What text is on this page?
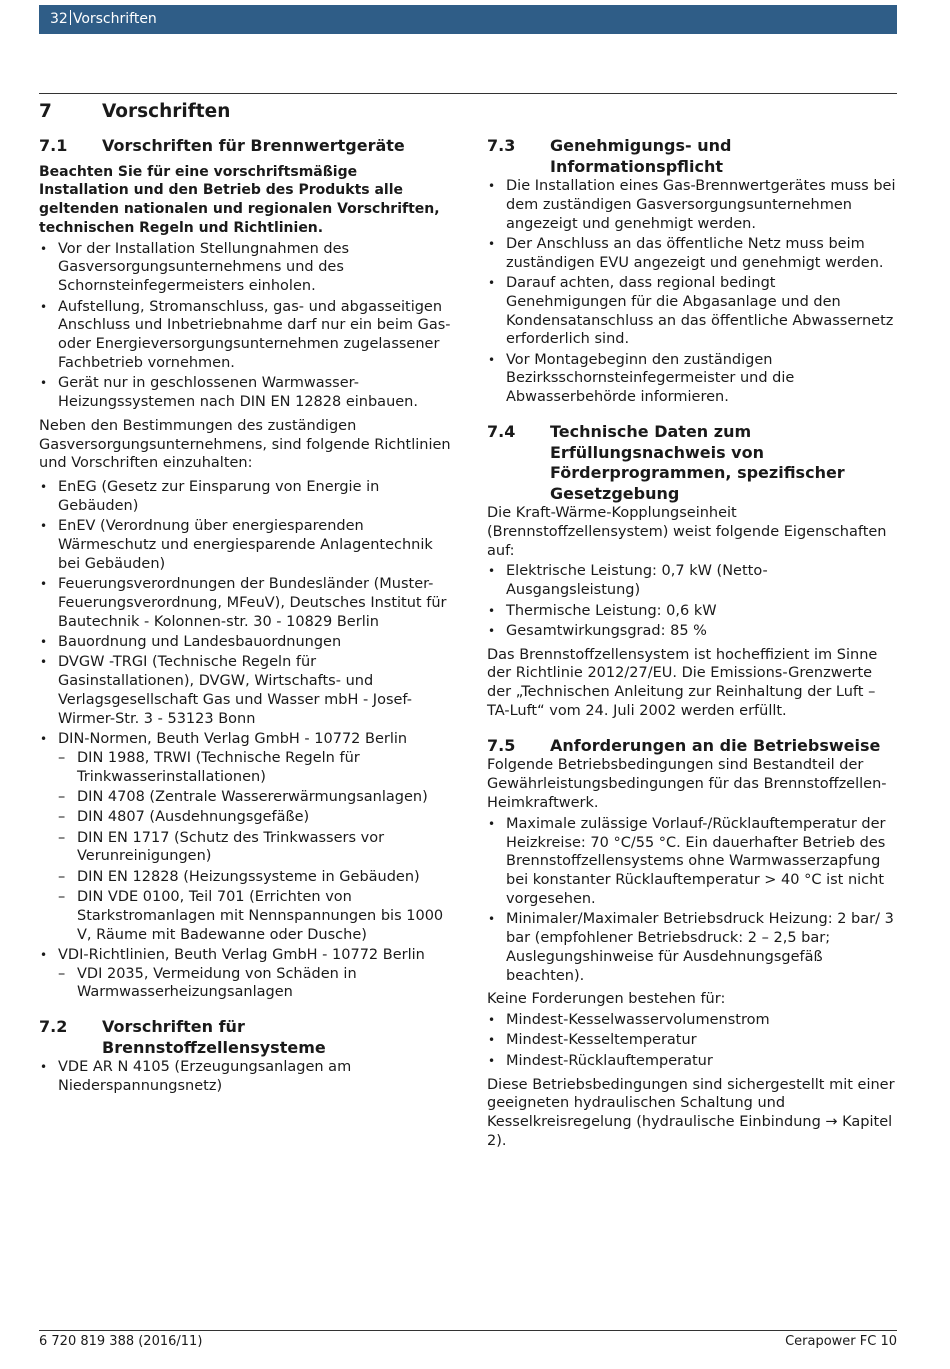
32 Vorschriften
7	Vorschriften
7.1	Vorschriften für Brennwertgeräte

Beachten Sie für eine vorschriftsmäßige Installation und den Betrieb des Produkts alle geltenden nationalen und regionalen Vorschriften, technischen Regeln und Richtlinien.

• Vor der Installation Stellungnahmen des Gasversorgungsunternehmens und des Schornsteinfegermeisters einholen.
• Aufstellung, Stromanschluss, gas- und abgasseitigen Anschluss und Inbetriebnahme darf nur ein beim Gas- oder Energieversorgungsunternehmen zugelassener Fachbetrieb vornehmen.
• Gerät nur in geschlossenen Warmwasser-Heizungssystemen nach DIN EN 12828 einbauen.

Neben den Bestimmungen des zuständigen Gasversorgungsunternehmens, sind folgende Richtlinien und Vorschriften einzuhalten:

• EnEG (Gesetz zur Einsparung von Energie in Gebäuden)
• EnEV (Verordnung über energiesparenden Wärmeschutz und energiesparende Anlagentechnik bei Gebäuden)
• Feuerungsverordnungen der Bundesländer (Muster-Feuerungsverordnung, MFeuV), Deutsches Institut für Bautechnik - Kolonnen-str. 30 - 10829 Berlin
• Bauordnung und Landesbauordnungen
• DVGW -TRGI (Technische Regeln für Gasinstallationen), DVGW, Wirtschafts- und Verlagsgesellschaft Gas und Wasser mbH - Josef-Wirmer-Str. 3 - 53123 Bonn
• DIN-Normen, Beuth Verlag GmbH - 10772 Berlin
– DIN 1988, TRWI (Technische Regeln für Trinkwasserinstallationen)
– DIN 4708 (Zentrale Wassererwärmungsanlagen)
– DIN 4807 (Ausdehnungsgefäße)
– DIN EN 1717 (Schutz des Trinkwassers vor Verunreinigungen)
– DIN EN 12828 (Heizungssysteme in Gebäuden)
– DIN VDE 0100, Teil 701 (Errichten von Starkstromanlagen mit Nennspannungen bis 1000 V, Räume mit Badewanne oder Dusche)
• VDI-Richtlinien, Beuth Verlag GmbH - 10772 Berlin
– VDI 2035, Vermeidung von Schäden in Warmwasserheizungsanlagen
7.2	Vorschriften für Brennstoffzellensysteme
• VDE AR N 4105 (Erzeugungsanlagen am Niederspannungsnetz)
7.3	Genehmigungs- und Informationspflicht
• Die Installation eines Gas-Brennwertgerätes muss bei dem zuständigen Gasversorgungsunternehmen angezeigt und genehmigt werden.
• Der Anschluss an das öffentliche Netz muss beim zuständigen EVU angezeigt und genehmigt werden.
• Darauf achten, dass regional bedingt Genehmigungen für die Abgasanlage und den Kondensatanschluss an das öffentliche Abwassernetz erforderlich sind.
• Vor Montagebeginn den zuständigen Bezirksschornsteinfegermeister und die Abwasserbehörde informieren.
7.4	Technische Daten zum Erfüllungsnachweis von Förderprogrammen, spezifischer Gesetzgebung

Die Kraft-Wärme-Kopplungseinheit (Brennstoffzellensystem) weist folgende Eigenschaften auf:

• Elektrische Leistung: 0,7 kW (Netto-Ausgangsleistung)
• Thermische Leistung: 0,6 kW
• Gesamtwirkungsgrad: 85 %

Das Brennstoffzellensystem ist hocheffizient im Sinne der Richtlinie 2012/27/EU. Die Emissions-Grenzwerte der „Technischen Anleitung zur Reinhaltung der Luft – TA-Luft“ vom 24. Juli 2002 werden erfüllt.

7.5	Anforderungen an die Betriebsweise

Folgende Betriebsbedingungen sind Bestandteil der Gewährleistungsbedingungen für das Brennstoffzellen-Heimkraftwerk.

• Maximale zulässige Vorlauf-/Rücklauftemperatur der Heizkreise: 70 °C/55 °C. Ein dauerhafter Betrieb des Brennstoffzellensystems ohne Warmwasserzapfung bei konstanter Rücklauftemperatur > 40 °C ist nicht vorgesehen.
• Minimaler/Maximaler Betriebsdruck Heizung: 2 bar/ 3 bar (empfohlener Betriebsdruck: 2 – 2,5 bar; Auslegungshinweise für Ausdehnungsgefäß beachten).

Keine Forderungen bestehen für:

• Mindest-Kesselwasservolumenstrom
• Mindest-Kesseltemperatur
• Mindest-Rücklauftemperatur

Diese Betriebsbedingungen sind sichergestellt mit einer geeigneten hydraulischen Schaltung und Kesselkreisregelung (hydraulische Einbindung → Kapitel 2).

6 720 819 388 (2016/11)	Cerapower FC 10
